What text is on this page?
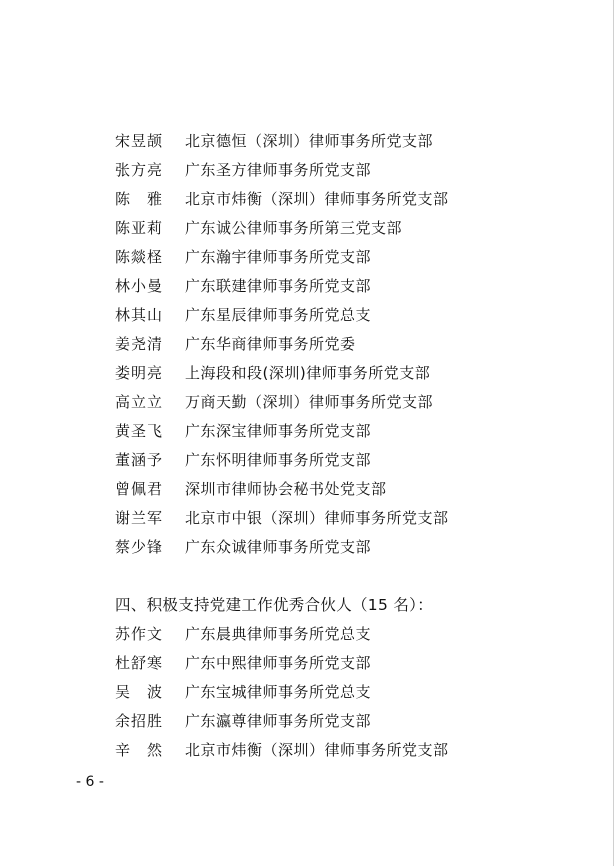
宋昱颉	北京德恒（深圳）律师事务所党支部
张方亮	广东圣方律师事务所党支部
陈　雅	北京市炜衡（深圳）律师事务所党支部
陈亚莉	广东诚公律师事务所第三党支部
陈燚柽	广东瀚宇律师事务所党支部
林小曼	广东联建律师事务所党支部
林其山	广东星辰律师事务所党总支
姜尧清	广东华商律师事务所党委
娄明亮	上海段和段(深圳)律师事务所党支部
高立立	万商天勤（深圳）律师事务所党支部
黄圣飞	广东深宝律师事务所党支部
董涵予	广东怀明律师事务所党支部
曾佩君	深圳市律师协会秘书处党支部
谢兰军	北京市中银（深圳）律师事务所党支部
蔡少锋	广东众诚律师事务所党支部
四、积极支持党建工作优秀合伙人（15 名）：
苏作文	广东晨典律师事务所党总支
杜舒寒	广东中熙律师事务所党支部
吴　波	广东宝城律师事务所党总支
余招胜	广东瀛尊律师事务所党支部
辛　然	北京市炜衡（深圳）律师事务所党支部
- 6 -
